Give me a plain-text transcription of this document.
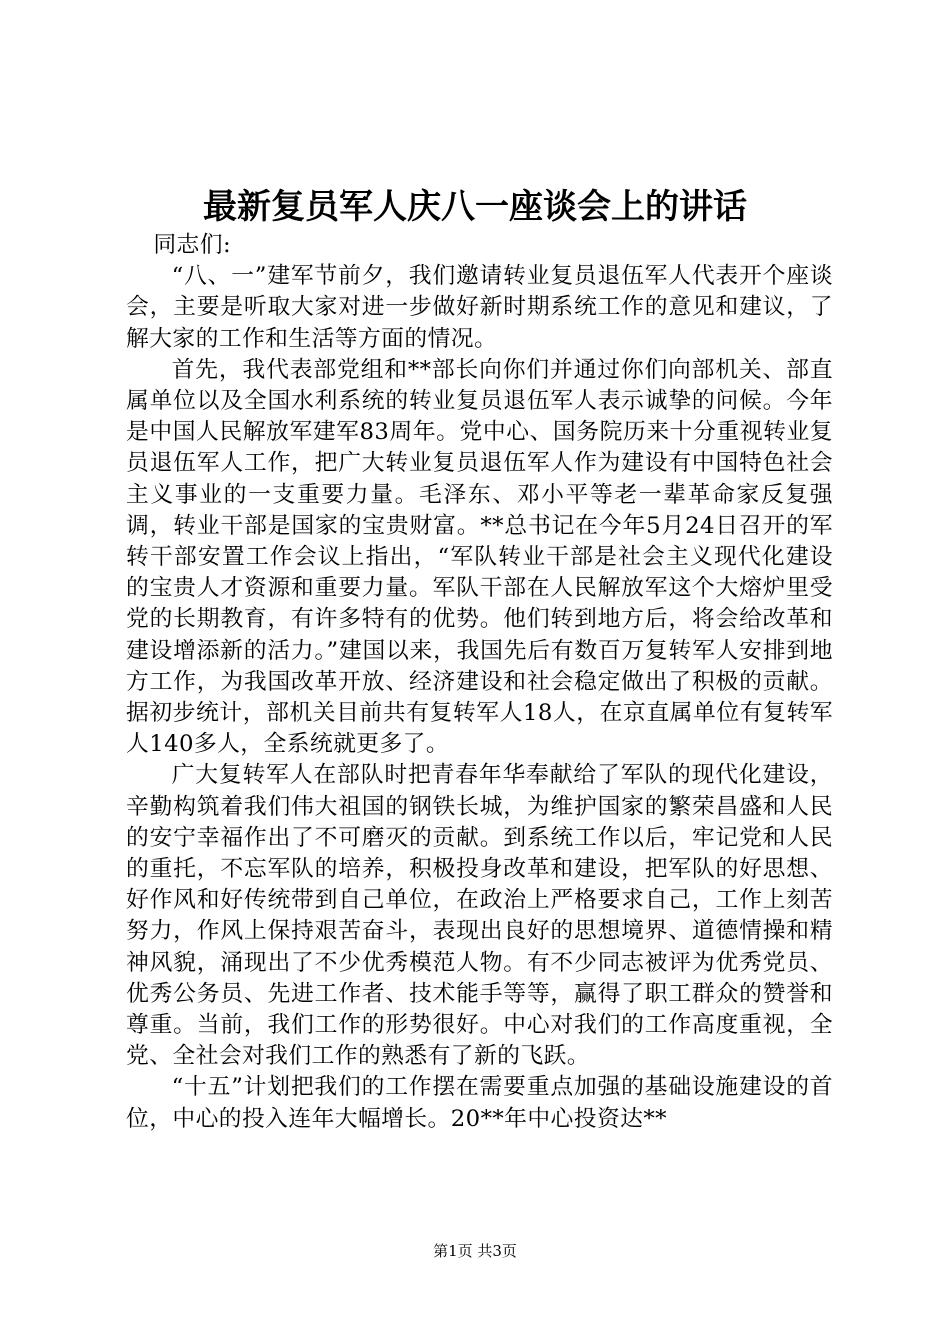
最新复员军人庆八一座谈会上的讲话

同志们:

“八、一”建军节前夕，我们邀请转业复员退伍军人代表开个座谈会，主要是听取大家对进一步做好新时期系统工作的意见和建议，了解大家的工作和生活等方面的情况。

首先，我代表部党组和**部长向你们并通过你们向部机关、部直属单位以及全国水利系统的转业复员退伍军人表示诚挚的问候。今年是中国人民解放军建军83周年。党中心、国务院历来十分重视转业复员退伍军人工作，把广大转业复员退伍军人作为建设有中国特色社会主义事业的一支重要力量。毛泽东、邓小平等老一辈革命家反复强调，转业干部是国家的宝贵财富。**总书记在今年5月24日召开的军转干部安置工作会议上指出，“军队转业干部是社会主义现代化建设的宝贵人才资源和重要力量。军队干部在人民解放军这个大熔炉里受党的长期教育，有许多特有的优势。他们转到地方后，将会给改革和建设增添新的活力。”建国以来，我国先后有数百万复转军人安排到地方工作，为我国改革开放、经济建设和社会稳定做出了积极的贡献。据初步统计，部机关目前共有复转军人18人，在京直属单位有复转军人140多人，全系统就更多了。

广大复转军人在部队时把青春年华奉献给了军队的现代化建设，辛勤构筑着我们伟大祖国的钢铁长城，为维护国家的繁荣昌盛和人民的安宁幸福作出了不可磨灭的贡献。到系统工作以后，牢记党和人民的重托，不忘军队的培养，积极投身改革和建设，把军队的好思想、好作风和好传统带到自己单位，在政治上严格要求自己，工作上刻苦努力，作风上保持艰苦奋斗，表现出良好的思想境界、道德情操和精神风貌，涌现出了不少优秀模范人物。有不少同志被评为优秀党员、优秀公务员、先进工作者、技术能手等等，赢得了职工群众的赞誉和尊重。当前，我们工作的形势很好。中心对我们的工作高度重视，全党、全社会对我们工作的熟悉有了新的飞跃。

“十五”计划把我们的工作摆在需要重点加强的基础设施建设的首位，中心的投入连年大幅增长。20**年中心投资达**

第1页 共3页
